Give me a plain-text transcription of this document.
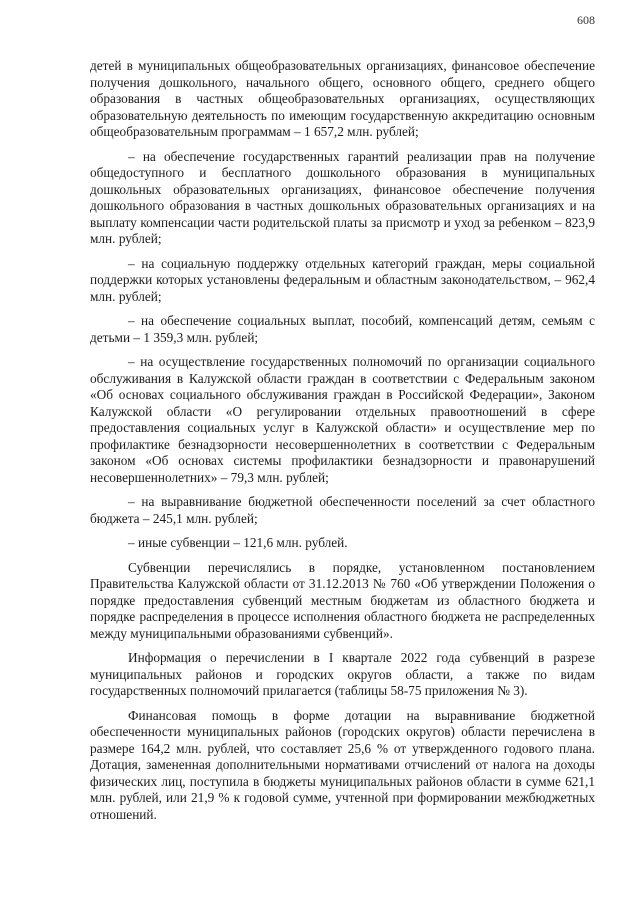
608

детей в муниципальных общеобразовательных организациях, финансовое обеспечение получения дошкольного, начального общего, основного общего, среднего общего образования в частных общеобразовательных организациях, осуществляющих образовательную деятельность по имеющим государственную аккредитацию основным общеобразовательным программам – 1 657,2 млн. рублей;

– на обеспечение государственных гарантий реализации прав на получение общедоступного и бесплатного дошкольного образования в муниципальных дошкольных образовательных организациях, финансовое обеспечение получения дошкольного образования в частных дошкольных образовательных организациях и на выплату компенсации части родительской платы за присмотр и уход за ребенком – 823,9 млн. рублей;

– на социальную поддержку отдельных категорий граждан, меры социальной поддержки которых установлены федеральным и областным законодательством, – 962,4 млн. рублей;

– на обеспечение социальных выплат, пособий, компенсаций детям, семьям с детьми – 1 359,3 млн. рублей;

– на осуществление государственных полномочий по организации социального обслуживания в Калужской области граждан в соответствии с Федеральным законом «Об основах социального обслуживания граждан в Российской Федерации», Законом Калужской области «О регулировании отдельных правоотношений в сфере предоставления социальных услуг в Калужской области» и осуществление мер по профилактике безнадзорности несовершеннолетних в соответствии с Федеральным законом «Об основах системы профилактики безнадзорности и правонарушений несовершеннолетних» – 79,3 млн. рублей;

– на выравнивание бюджетной обеспеченности поселений за счет областного бюджета – 245,1 млн. рублей;

– иные субвенции – 121,6 млн. рублей.

Субвенции перечислялись в порядке, установленном постановлением Правительства Калужской области от 31.12.2013 № 760 «Об утверждении Положения о порядке предоставления субвенций местным бюджетам из областного бюджета и порядке распределения в процессе исполнения областного бюджета не распределенных между муниципальными образованиями субвенций».

Информация о перечислении в I квартале 2022 года субвенций в разрезе муниципальных районов и городских округов области, а также по видам государственных полномочий прилагается (таблицы 58-75 приложения № 3).

Финансовая помощь в форме дотации на выравнивание бюджетной обеспеченности муниципальных районов (городских округов) области перечислена в размере 164,2 млн. рублей, что составляет 25,6 % от утвержденного годового плана. Дотация, замененная дополнительными нормативами отчислений от налога на доходы физических лиц, поступила в бюджеты муниципальных районов области в сумме 621,1 млн. рублей, или 21,9 % к годовой сумме, учтенной при формировании межбюджетных отношений.
